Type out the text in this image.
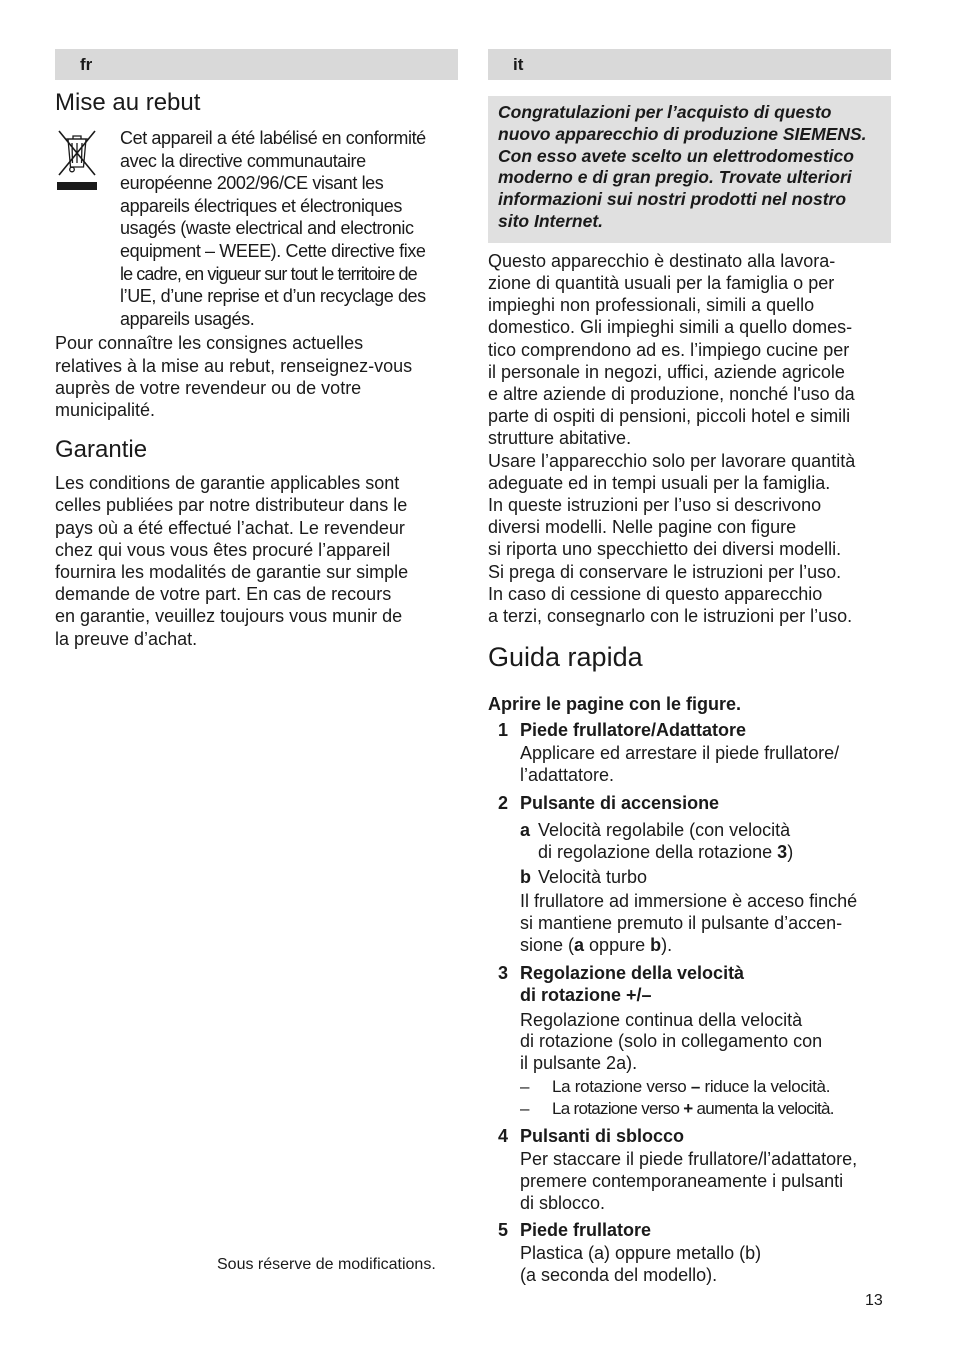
fr
Mise au rebut

Cet appareil a été labélisé en conformité

avec la directive communautaire

européenne 2002/96/CE visant les

appareils électriques et électroniques

usagés (waste electrical and electronic

equipment – WEEE). Cette directive fixe

le cadre, en vigueur sur tout le territoire de

l’UE, d’une reprise et d’un recyclage des

appareils usagés.

Pour connaître les consignes actuelles

relatives à la mise au rebut, renseignez-vous

auprès de votre revendeur ou de votre

municipalité.

Garantie

Les conditions de garantie applicables sont

celles publiées par notre distributeur dans le

pays où a été effectué l’achat. Le revendeur

chez qui vous vous êtes procuré l’appareil

fournira les modalités de garantie sur simple

demande de votre part. En cas de recours

en garantie, veuillez toujours vous munir de

la preuve d’achat.

Sous réserve de modifications.
it
Congratulazioni per l’acquisto di questo
nuovo apparecchio di produzione SIEMENS.
Con esso avete scelto un elettrodomestico
moderno e di gran pregio. Trovate ulteriori
informazioni sui nostri prodotti nel nostro
sito Internet.

Questo apparecchio è destinato alla lavora-

zione di quantità usuali per la famiglia o per

impieghi non professionali, simili a quello

domestico. Gli impieghi simili a quello domes-

tico comprendono ad es. l’impiego cucine per

il personale in negozi, uffici, aziende agricole

e altre aziende di produzione, nonché l'uso da

parte di ospiti di pensioni, piccoli hotel e simili

strutture abitative.

Usare l’apparecchio solo per lavorare quantità

adeguate ed in tempi usuali per la famiglia.

In queste istruzioni per l’uso si descrivono

diversi modelli. Nelle pagine con figure

si riporta uno specchietto dei diversi modelli.

Si prega di conservare le istruzioni per l’uso.

In caso di cessione di questo apparecchio

a terzi, consegnarlo con le istruzioni per l’uso.

Guida rapida

Aprire le pagine con le figure.

1 Piede frullatore/Adattatore
Applicare ed arrestare il piede frullatore/
l’adattatore.
2 Pulsante di accensione
a Velocità regolabile (con velocità
di regolazione della rotazione 3)
b Velocità turbo
Il frullatore ad immersione è acceso finché
si mantiene premuto il pulsante d’accen-
sione (a oppure b).
3 Regolazione della velocità
di rotazione +/–
Regolazione continua della velocità
di rotazione (solo in collegamento con
il pulsante 2a).
– La rotazione verso – riduce la velocità.
– La rotazione verso + aumenta la velocità.
4 Pulsanti di sblocco
Per staccare il piede frullatore/l’adattatore,
premere contemporaneamente i pulsanti
di sblocco.
5 Piede frullatore
Plastica (a) oppure metallo (b)
(a seconda del modello).
13
